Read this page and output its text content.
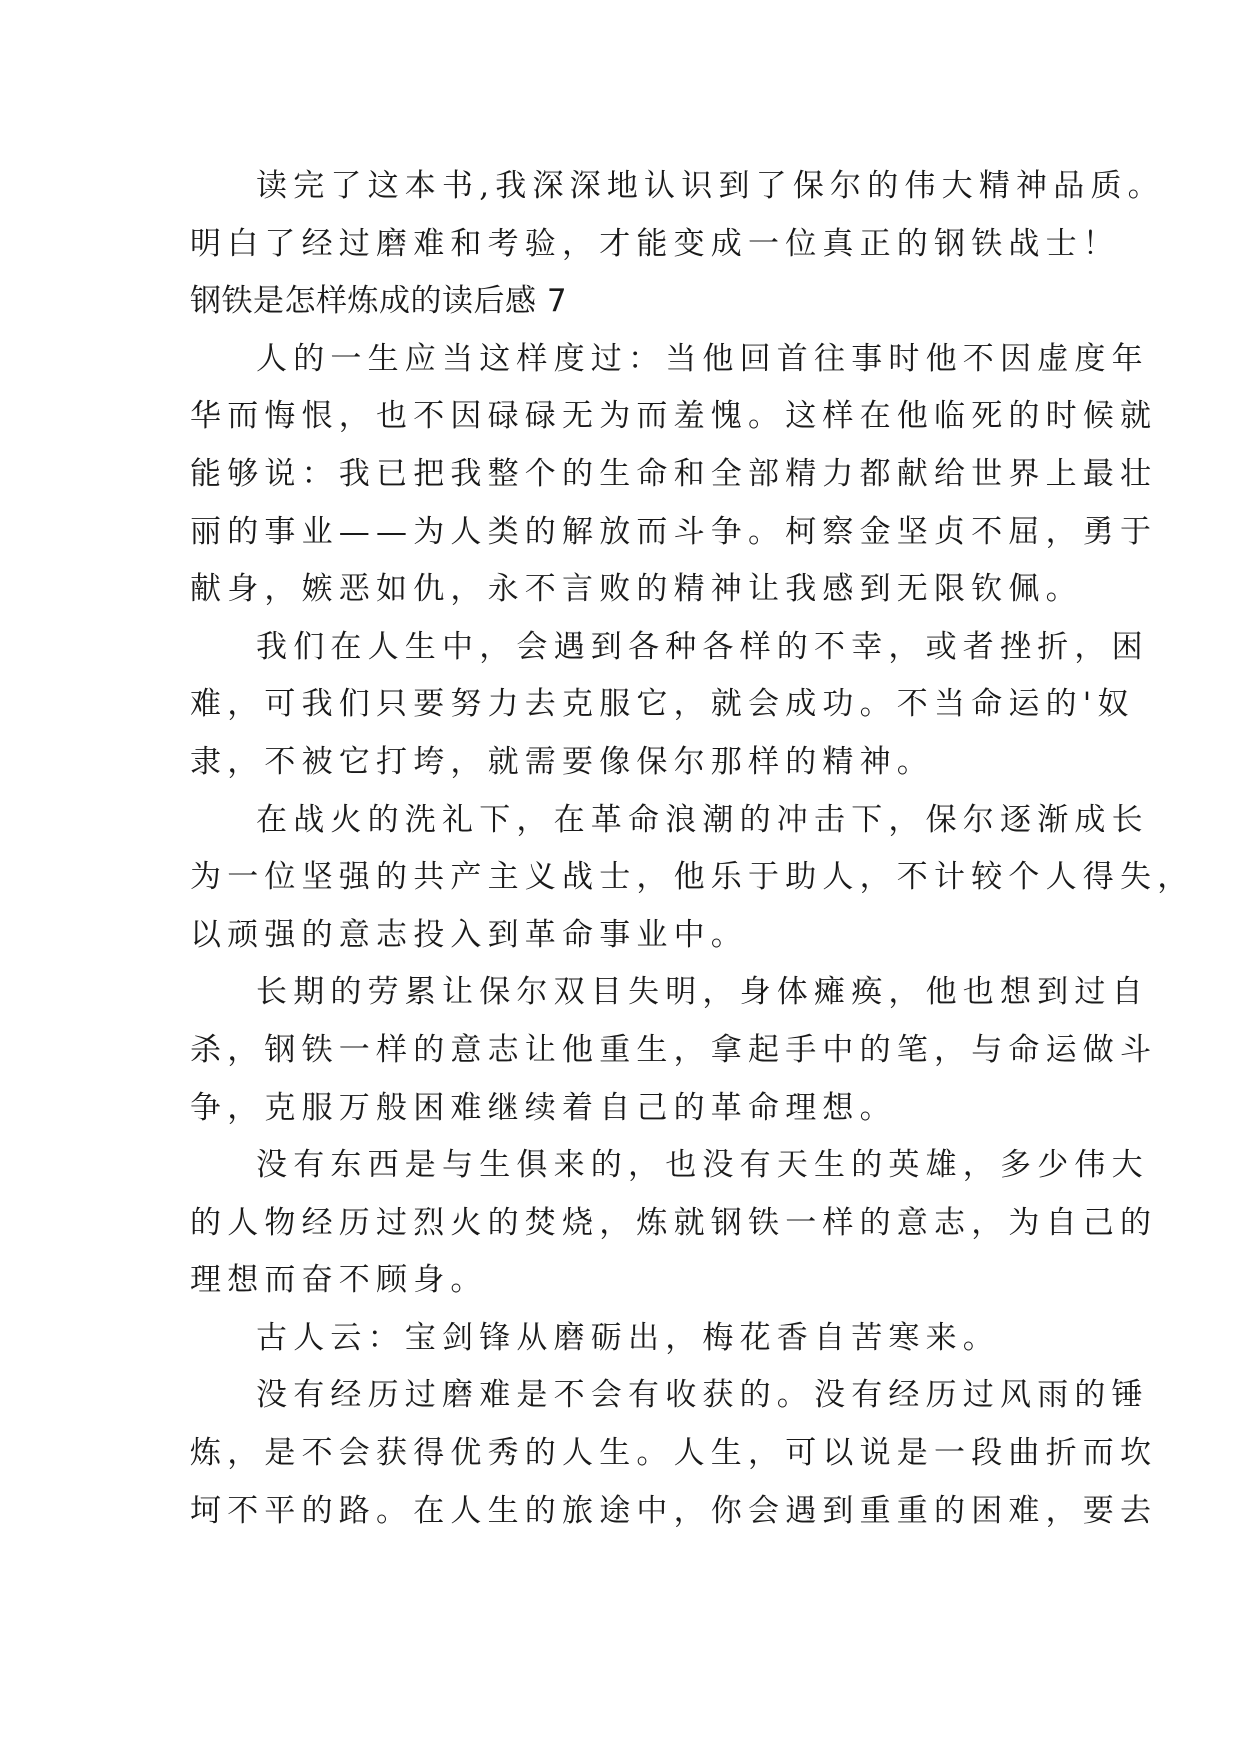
读完了这本书,我深深地认识到了保尔的伟大精神品质。
明白了经过磨难和考验，才能变成一位真正的钢铁战士！
钢铁是怎样炼成的读后感 7
人的一生应当这样度过：当他回首往事时他不因虚度年
华而悔恨，也不因碌碌无为而羞愧。这样在他临死的时候就
能够说：我已把我整个的生命和全部精力都献给世界上最壮
丽的事业——为人类的解放而斗争。柯察金坚贞不屈，勇于
献身，嫉恶如仇，永不言败的精神让我感到无限钦佩。
我们在人生中，会遇到各种各样的不幸，或者挫折，困
难，可我们只要努力去克服它，就会成功。不当命运的'奴
隶，不被它打垮，就需要像保尔那样的精神。
在战火的洗礼下，在革命浪潮的冲击下，保尔逐渐成长
为一位坚强的共产主义战士，他乐于助人，不计较个人得失，
以顽强的意志投入到革命事业中。
长期的劳累让保尔双目失明，身体瘫痪，他也想到过自
杀，钢铁一样的意志让他重生，拿起手中的笔，与命运做斗
争，克服万般困难继续着自己的革命理想。
没有东西是与生俱来的，也没有天生的英雄，多少伟大
的人物经历过烈火的焚烧，炼就钢铁一样的意志，为自己的
理想而奋不顾身。
古人云：宝剑锋从磨砺出，梅花香自苦寒来。
没有经历过磨难是不会有收获的。没有经历过风雨的锤
炼，是不会获得优秀的人生。人生，可以说是一段曲折而坎
坷不平的路。在人生的旅途中，你会遇到重重的困难，要去
